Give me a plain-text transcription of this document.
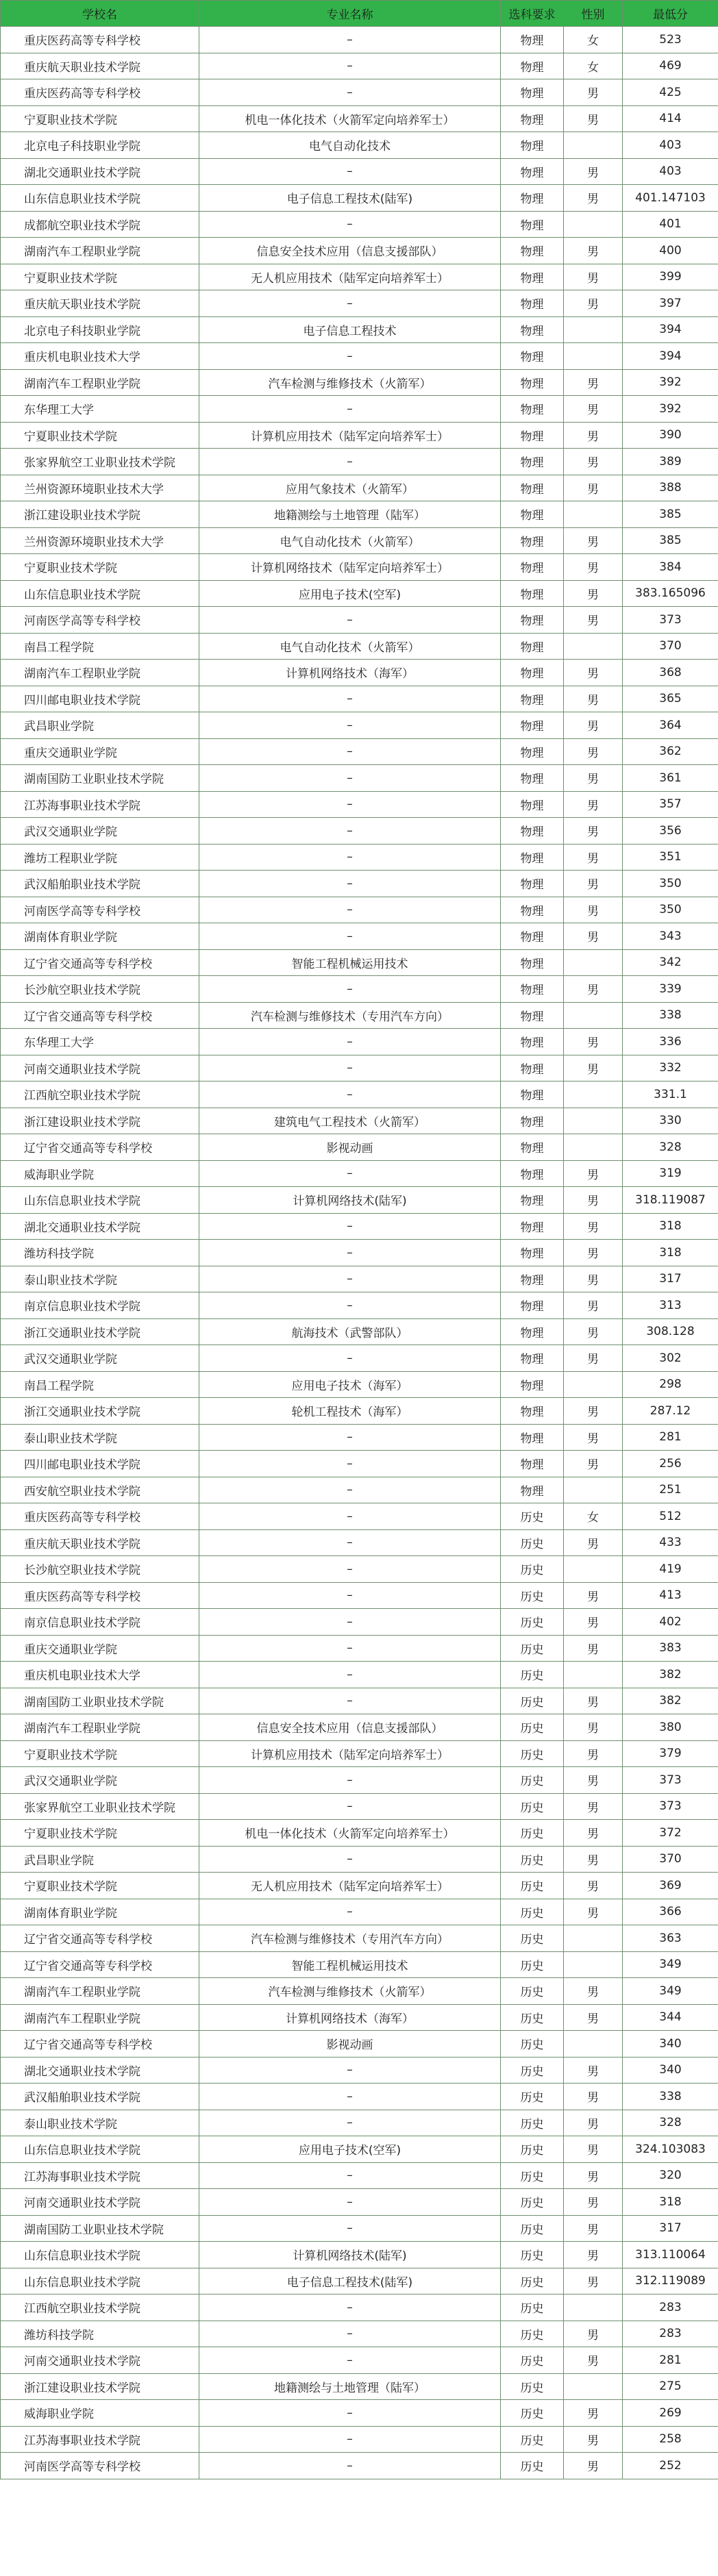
学校名	专业名称	选科要求	性别	最低分
重庆医药高等专科学校	–	物理	女	523
重庆航天职业技术学院	–	物理	女	469
重庆医药高等专科学校	–	物理	男	425
宁夏职业技术学院	机电一体化技术（火箭军定向培养军士）	物理	男	414
北京电子科技职业学院	电气自动化技术	物理		403
湖北交通职业技术学院	–	物理	男	403
山东信息职业技术学院	电子信息工程技术(陆军)	物理	男	401.147103
成都航空职业技术学院	–	物理		401
湖南汽车工程职业学院	信息安全技术应用（信息支援部队）	物理	男	400
宁夏职业技术学院	无人机应用技术（陆军定向培养军士）	物理	男	399
重庆航天职业技术学院	–	物理	男	397
北京电子科技职业学院	电子信息工程技术	物理		394
重庆机电职业技术大学	–	物理		394
湖南汽车工程职业学院	汽车检测与维修技术（火箭军）	物理	男	392
东华理工大学	–	物理	男	392
宁夏职业技术学院	计算机应用技术（陆军定向培养军士）	物理	男	390
张家界航空工业职业技术学院	–	物理	男	389
兰州资源环境职业技术大学	应用气象技术（火箭军）	物理	男	388
浙江建设职业技术学院	地籍测绘与土地管理（陆军）	物理		385
兰州资源环境职业技术大学	电气自动化技术（火箭军）	物理	男	385
宁夏职业技术学院	计算机网络技术（陆军定向培养军士）	物理	男	384
山东信息职业技术学院	应用电子技术(空军)	物理	男	383.165096
河南医学高等专科学校	–	物理	男	373
南昌工程学院	电气自动化技术（火箭军）	物理		370
湖南汽车工程职业学院	计算机网络技术（海军）	物理	男	368
四川邮电职业技术学院	–	物理	男	365
武昌职业学院	–	物理	男	364
重庆交通职业学院	–	物理	男	362
湖南国防工业职业技术学院	–	物理	男	361
江苏海事职业技术学院	–	物理	男	357
武汉交通职业学院	–	物理	男	356
潍坊工程职业学院	–	物理	男	351
武汉船舶职业技术学院	–	物理	男	350
河南医学高等专科学校	–	物理	男	350
湖南体育职业学院	–	物理	男	343
辽宁省交通高等专科学校	智能工程机械运用技术	物理		342
长沙航空职业技术学院	–	物理	男	339
辽宁省交通高等专科学校	汽车检测与维修技术（专用汽车方向）	物理		338
东华理工大学	–	物理	男	336
河南交通职业技术学院	–	物理	男	332
江西航空职业技术学院	–	物理		331.1
浙江建设职业技术学院	建筑电气工程技术（火箭军）	物理		330
辽宁省交通高等专科学校	影视动画	物理		328
威海职业学院	–	物理	男	319
山东信息职业技术学院	计算机网络技术(陆军)	物理	男	318.119087
湖北交通职业技术学院	–	物理	男	318
潍坊科技学院	–	物理	男	318
泰山职业技术学院	–	物理	男	317
南京信息职业技术学院	–	物理	男	313
浙江交通职业技术学院	航海技术（武警部队）	物理	男	308.128
武汉交通职业学院	–	物理	男	302
南昌工程学院	应用电子技术（海军）	物理		298
浙江交通职业技术学院	轮机工程技术（海军）	物理	男	287.12
泰山职业技术学院	–	物理	男	281
四川邮电职业技术学院	–	物理	男	256
西安航空职业技术学院	–	物理		251
重庆医药高等专科学校	–	历史	女	512
重庆航天职业技术学院	–	历史	男	433
长沙航空职业技术学院	–	历史		419
重庆医药高等专科学校	–	历史	男	413
南京信息职业技术学院	–	历史	男	402
重庆交通职业学院	–	历史	男	383
重庆机电职业技术大学	–	历史		382
湖南国防工业职业技术学院	–	历史	男	382
湖南汽车工程职业学院	信息安全技术应用（信息支援部队）	历史	男	380
宁夏职业技术学院	计算机应用技术（陆军定向培养军士）	历史	男	379
武汉交通职业学院	–	历史	男	373
张家界航空工业职业技术学院	–	历史	男	373
宁夏职业技术学院	机电一体化技术（火箭军定向培养军士）	历史	男	372
武昌职业学院	–	历史	男	370
宁夏职业技术学院	无人机应用技术（陆军定向培养军士）	历史	男	369
湖南体育职业学院	–	历史	男	366
辽宁省交通高等专科学校	汽车检测与维修技术（专用汽车方向）	历史		363
辽宁省交通高等专科学校	智能工程机械运用技术	历史		349
湖南汽车工程职业学院	汽车检测与维修技术（火箭军）	历史	男	349
湖南汽车工程职业学院	计算机网络技术（海军）	历史	男	344
辽宁省交通高等专科学校	影视动画	历史		340
湖北交通职业技术学院	–	历史	男	340
武汉船舶职业技术学院	–	历史	男	338
泰山职业技术学院	–	历史	男	328
山东信息职业技术学院	应用电子技术(空军)	历史	男	324.103083
江苏海事职业技术学院	–	历史	男	320
河南交通职业技术学院	–	历史	男	318
湖南国防工业职业技术学院	–	历史	男	317
山东信息职业技术学院	计算机网络技术(陆军)	历史	男	313.110064
山东信息职业技术学院	电子信息工程技术(陆军)	历史	男	312.119089
江西航空职业技术学院	–	历史		283
潍坊科技学院	–	历史	男	283
河南交通职业技术学院	–	历史	男	281
浙江建设职业技术学院	地籍测绘与土地管理（陆军）	历史		275
威海职业学院	–	历史	男	269
江苏海事职业技术学院	–	历史	男	258
河南医学高等专科学校	–	历史	男	252
